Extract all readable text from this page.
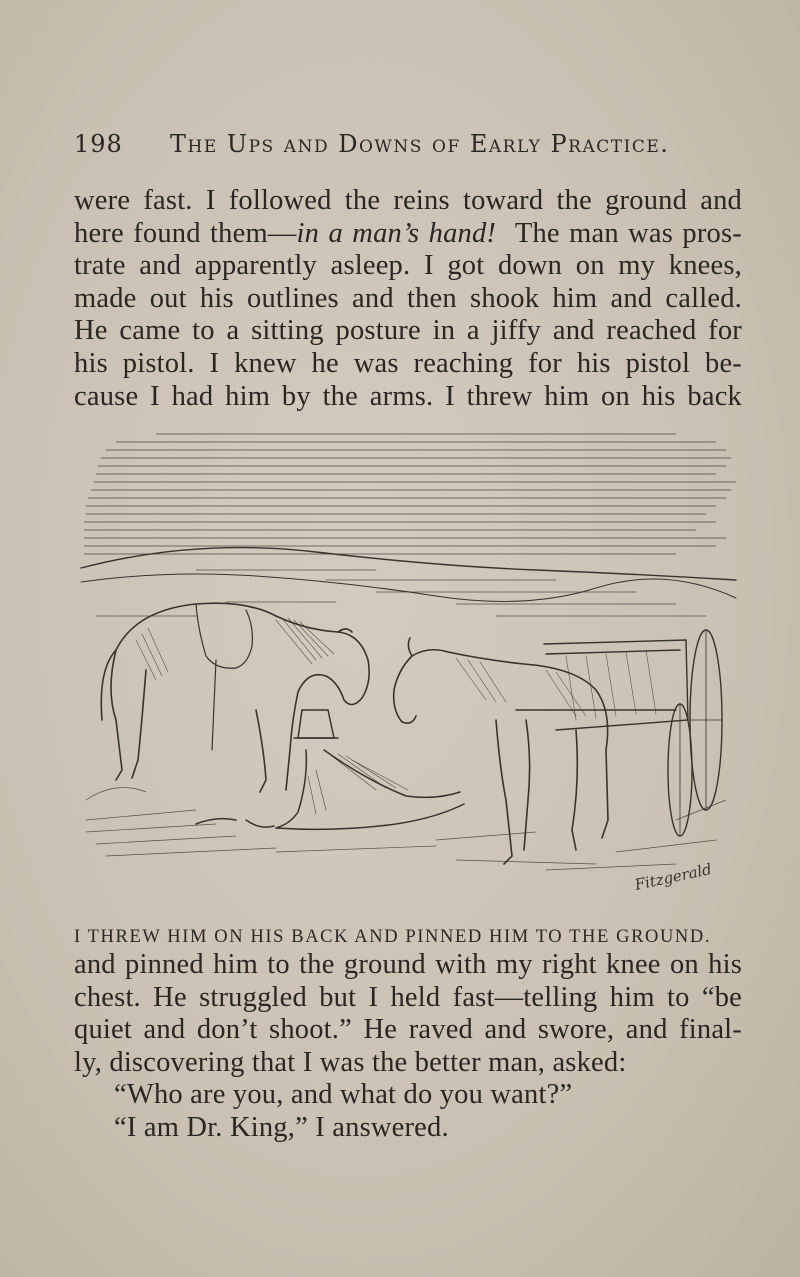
198 The Ups and Downs of Early Practice.
were fast. I followed the reins toward the ground and
here found them—in a man’s hand! The man was pros-
trate and apparently asleep. I got down on my knees,
made out his outlines and then shook him and called.
He came to a sitting posture in a jiffy and reached for
his pistol. I knew he was reaching for his pistol be-
cause I had him by the arms. I threw him on his back
Fitzgerald
I THREW HIM ON HIS BACK AND PINNED HIM TO THE GROUND.
and pinned him to the ground with my right knee on his
chest. He struggled but I held fast—telling him to “be
quiet and don’t shoot.” He raved and swore, and final-
ly, discovering that I was the better man, asked:
“Who are you, and what do you want?”
“I am Dr. King,” I answered.
